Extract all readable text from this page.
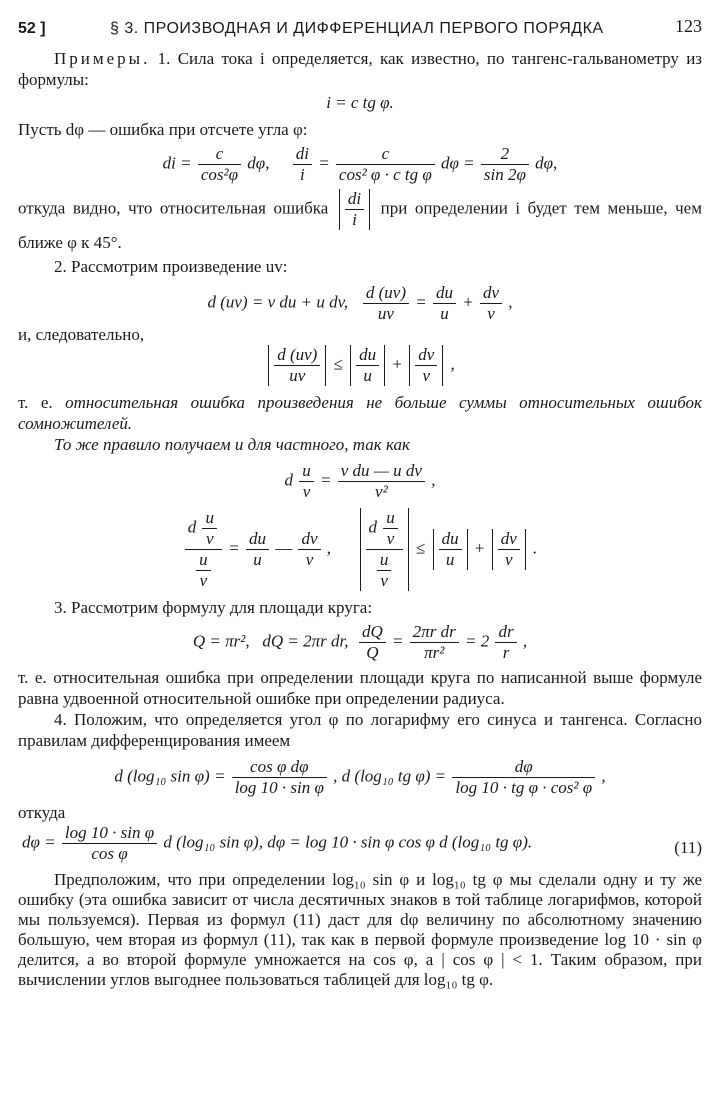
52 ]	§ 3. ПРОИЗВОДНАЯ И ДИФФЕРЕНЦИАЛ ПЕРВОГО ПОРЯДКА	123

Примеры. 1. Сила тока i определяется, как известно, по тангенс-гальванометру из формулы:

i = c tg φ.

Пусть dφ — ошибка при отсчете угла φ:

di = $\frac{c}{\text{cos²φ}} d\varphi$, $\frac{di}{i} = \frac{c}{\text{cos² φ · c tg φ}}$ $d\varphi = \frac{2}{\sin 2\varphi} d\varphi$,

откуда видно, что относительная ошибка $\frac{di}{i}$ при определении i будет тем меньше, чем ближе φ к 45°.

2. Рассмотрим произведение uv:

d (uv) = v du + u dv, $\frac{d (uv)}{uv} = \frac{du}{u} + \frac{dv}{v}$ ,

и, следовательно,

$\frac{d (uv)}{uv} \le \frac{du}{u} + \frac{dv}{v}$ ,

т. е. относительная ошибка произведения не больше суммы относительных ошибок сомножителей.

То же правило получаем и для частного, так как

d $\frac{u}{v} = \frac{\text{v du — u dv}}{\text{v²}}$ ,

$\frac{d \frac{u}{v}}{\frac{u}{v}} = \frac{du}{u}$ — $\frac{dv}{v}$ , $\frac{d \frac{u}{v}}{\frac{u}{v}} \le \frac{du}{u} + \frac{dv}{v}$ .

3. Рассмотрим формулу для площади круга:

Q = πr², dQ = 2πr dr, $\frac{dQ}{Q} = \frac{\text{2πr dr}}{\text{πr²}} = 2 \frac{dr}{r}$ ,

т. е. относительная ошибка при определении площади круга по написанной выше формуле равна удвоенной относительной ошибке при определении радиуса.

4. Положим, что определяется угол φ по логарифму его синуса и тангенса. Согласно правилам дифференцирования имеем

d (log₁₀ $\sin \varphi) = \frac{\text{cos φ dφ}}{\text{log 10 · sin φ}}$ , d (log₁₀ tg $\varphi) = \frac{d\varphi}{\text{log 10 · tg φ · cos² φ}}$ ,

откуда

$d\varphi = \frac{\text{log 10 · sin φ}}{\text{cos φ}}$ d (log₁₀ sin φ), dφ = log 10 · sin φ cos φ d (log₁₀ tg φ).	(11)

Предположим, что при определении log₁₀ sin φ и log₁₀ tg φ мы сделали одну и ту же ошибку (эта ошибка зависит от числа десятичных знаков в той таблице логарифмов, которой мы пользуемся). Первая из формул (11) даст для dφ величину по абсолютному значению большую, чем вторая из формул (11), так как в первой формуле произведение log 10 · sin φ делится, а во второй формуле умножается на cos φ, а | cos φ | < 1. Таким образом, при вычислении углов выгоднее пользоваться таблицей для log₁₀ tg φ.
